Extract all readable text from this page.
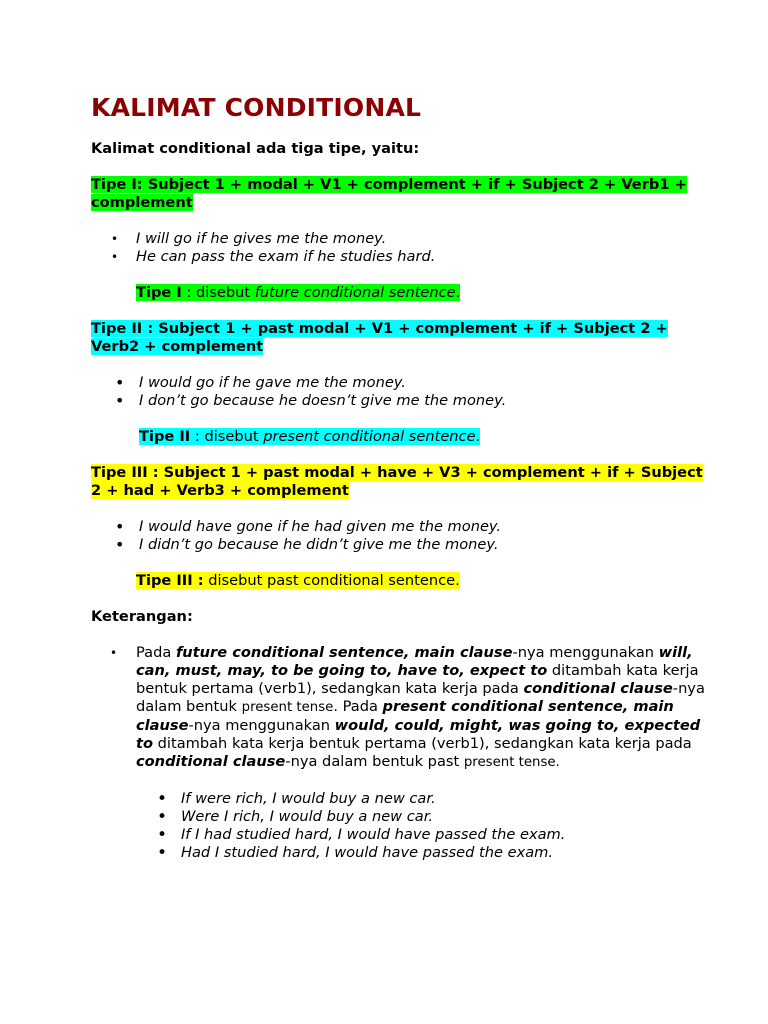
KALIMAT CONDITIONAL
Kalimat conditional ada tiga tipe, yaitu:
Tipe I: Subject 1 + modal + V1 + complement + if + Subject 2 + Verb1 + complement
• I will go if he gives me the money.
• He can pass the exam if he studies hard.
Tipe I : disebut future conditional sentence.
Tipe II : Subject 1 + past modal + V1 + complement + if + Subject 2 + Verb2 + complement
• I would go if he gave me the money.
• I don’t go because he doesn’t give me the money.
Tipe II : disebut present conditional sentence.
Tipe III : Subject 1 + past modal + have + V3 + complement + if + Subject 2 + had + Verb3 + complement
• I would have gone if he had given me the money.
• I didn’t go because he didn’t give me the money.
Tipe III : disebut past conditional sentence.
Keterangan:
• Pada future conditional sentence, main clause-nya menggunakan will, can, must, may, to be going to, have to, expect to ditambah kata kerja bentuk pertama (verb1), sedangkan kata kerja pada conditional clause-nya dalam bentuk present tense. Pada present conditional sentence, main clause-nya menggunakan would, could, might, was going to, expected to ditambah kata kerja bentuk pertama (verb1), sedangkan kata kerja pada conditional clause-nya dalam bentuk past present tense.
• If were rich, I would buy a new car.
• Were I rich, I would buy a new car.
• If I had studied hard, I would have passed the exam.
• Had I studied hard, I would have passed the exam.
